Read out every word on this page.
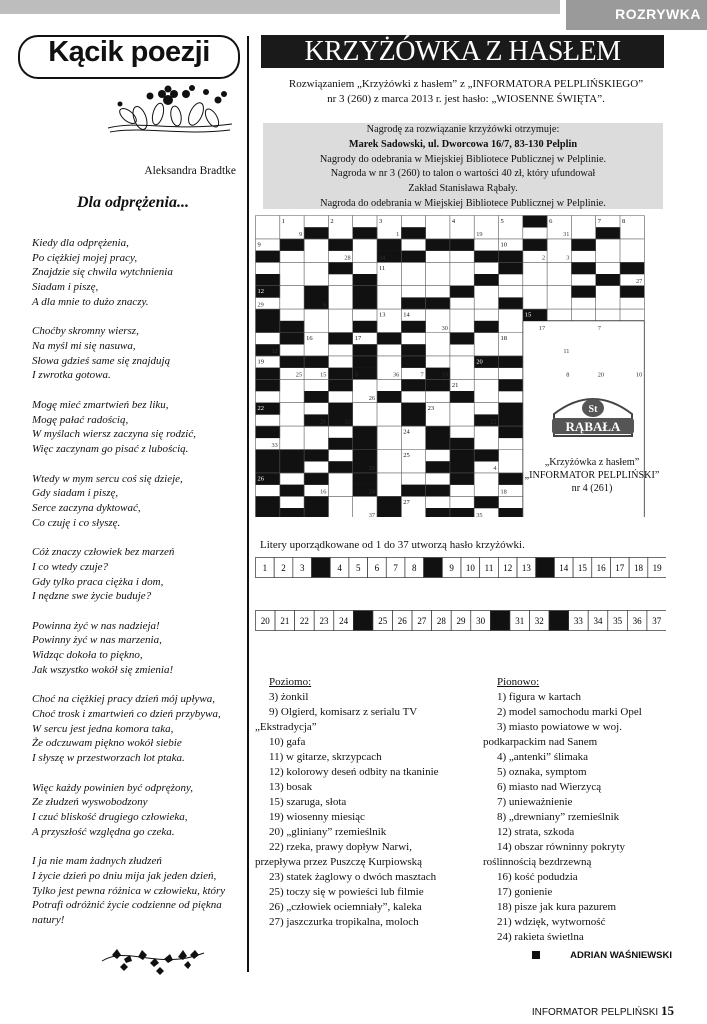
ROZRYWKA
Kącik poezji
Aleksandra Bradtke
Dla odprężenia...
Kiedy dla odprężenia,
Po ciężkiej mojej pracy,
Znajdzie się chwila wytchnienia
Siadam i piszę,
A dla mnie to dużo znaczy.
Choćby skromny wiersz,
Na myśl mi się nasuwa,
Słowa gdzieś same się znajdują
I zwrotka gotowa.
Mogę mieć zmartwień bez liku,
Mogę pałać radością,
W myślach wiersz zaczyna się rodzić,
Więc zaczynam go pisać z lubością.
Wtedy w mym sercu coś się dzieje,
Gdy siadam i piszę,
Serce zaczyna dyktować,
Co czuję i co słyszę.
Cóż znaczy człowiek bez marzeń
I co wtedy czuje?
Gdy tylko praca ciężka i dom,
I nędzne swe życie buduje?
Powinna żyć w nas nadzieja!
Powinny żyć w nas marzenia,
Widząc dokoła to piękno,
Jak wszystko wokół się zmienia!
Choć na ciężkiej pracy dzień mój upływa,
Choć trosk i zmartwień co dzień przybywa,
W sercu jest jedna komora taka,
Że odczuwam piękno wokół siebie
I słyszę w przestworzach lot ptaka.
Więc każdy powinien być odprężony,
Ze złudzeń wyswobodzony
I czuć bliskość drugiego człowieka,
A przyszłość względna go czeka.
I ja nie mam żadnych złudzeń
I życie dzień po dniu mija jak jeden dzień,
Tylko jest pewna różnica w człowieku, który
Potrafi odróżnić życie codzienne od piękna
natury!
KRZYŻÓWKA Z HASŁEM
Rozwiązaniem „Krzyżówki z hasłem” z „INFORMATORA PELPLIŃSKIEGO”
nr 3 (260) z marca 2013 r. jest hasło: „WIOSENNE ŚWIĘTA”.
Nagrodę za rozwiązanie krzyżówki otrzymuje:
Marek Sadowski, ul. Dworcowa 16/7, 83-130 Pelplin
Nagrody do odebrania w Miejskiej Bibliotece Publicznej w Pelplinie.
Nagroda w nr 3 (260) to talon o wartości 40 zł, który ufundował
Zakład Stanisława Rąbały.
Nagroda do odebrania w Miejskiej Bibliotece Publicznej w Pelplinie.
1	2	3	4	5	6	7	8
9	10
11
12
13	14	15
16	17	18
19	20
21
22	23
24
25
26
27
9	1	19	31
28	34	2	3
27
29	6
30	17	7
12	11
25	15	5	36	7	13	8	20	10
26
21	32	22
33
23	4
16	24	18
37	35
RĄBAŁA
St
„Krzyżówka z hasłem”
„INFORMATOR PELPLIŃSKI”
nr 4 (261)
Litery uporządkowane od 1 do 37 utworzą hasło krzyżówki.
1 2 3	4 5 6 7 8	9 10 11 12 13	14 15 16 17 18 19
20 21 22 23 24	25 26 27 28 29 30	31 32	33 34 35 36 37
Poziomo:
3) żonkil
9) Olgierd, komisarz z serialu TV „Ekstradycja”
10) gafa
11) w gitarze, skrzypcach
12) kolorowy deseń odbity na tkaninie
13) bosak
15) szaruga, słota
19) wiosenny miesiąc
20) „gliniany” rzemieślnik
22) rzeka, prawy dopływ Narwi, przepływa przez Puszczę Kurpiowską
23) statek żaglowy o dwóch masztach
25) toczy się w powieści lub filmie
26) „człowiek ociemniały”, kaleka
27) jaszczurka tropikalna, moloch
Pionowo:
1) figura w kartach
2) model samochodu marki Opel
3) miasto powiatowe w woj. podkarpackim nad Sanem
4) „antenki” ślimaka
5) oznaka, symptom
6) miasto nad Wierzycą
7) unieważnienie
8) „drewniany” rzemieślnik
12) strata, szkoda
14) obszar równinny pokryty roślinnością bezdrzewną
16) kość podudzia
17) gonienie
18) pisze jak kura pazurem
21) wdzięk, wytworność
24) rakieta świetlna
ADRIAN WAŚNIEWSKI
INFORMATOR PELPLIŃSKI 15
